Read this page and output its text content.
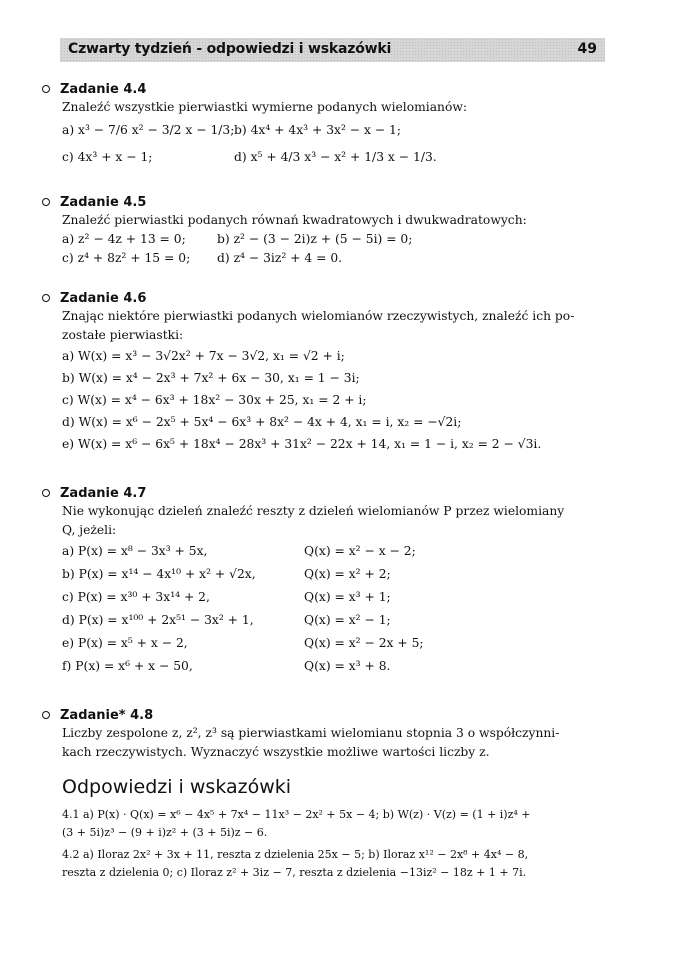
Czwarty tydzień - odpowiedzi i wskazówki	49
Zadanie 4.4
Znaleźć wszystkie pierwiastki wymierne podanych wielomianów:
a) x³ − 7/6 x² − 3/2 x − 1/3; b) 4x⁴ + 4x³ + 3x² − x − 1;
c) 4x³ + x − 1;	d) x⁵ + 4/3 x³ − x² + 1/3 x − 1/3.
Zadanie 4.5
Znaleźć pierwiastki podanych równań kwadratowych i dwukwadratowych:
a) z² − 4z + 13 = 0;	b) z² − (3 − 2i)z + (5 − 5i) = 0;
c) z⁴ + 8z² + 15 = 0; d) z⁴ − 3iz² + 4 = 0.
Zadanie 4.6
Znając niektóre pierwiastki podanych wielomianów rzeczywistych, znaleźć ich po-
zostałe pierwiastki:
a) W(x) = x³ − 3√2x² + 7x − 3√2, x₁ = √2 + i;
b) W(x) = x⁴ − 2x³ + 7x² + 6x − 30, x₁ = 1 − 3i;
c) W(x) = x⁴ − 6x³ + 18x² − 30x + 25, x₁ = 2 + i;
d) W(x) = x⁶ − 2x⁵ + 5x⁴ − 6x³ + 8x² − 4x + 4, x₁ = i, x₂ = −√2i;
e) W(x) = x⁶ − 6x⁵ + 18x⁴ − 28x³ + 31x² − 22x + 14, x₁ = 1 − i, x₂ = 2 − √3i.
Zadanie 4.7
Nie wykonując dzieleń znaleźć reszty z dzieleń wielomianów P przez wielomiany
Q, jeżeli:
a) P(x) = x⁸ − 3x³ + 5x,	Q(x) = x² − x − 2;
b) P(x) = x¹⁴ − 4x¹⁰ + x² + √2x,	Q(x) = x² + 2;
c) P(x) = x³⁰ + 3x¹⁴ + 2,	Q(x) = x³ + 1;
d) P(x) = x¹⁰⁰ + 2x⁵¹ − 3x² + 1,	Q(x) = x² − 1;
e) P(x) = x⁵ + x − 2,	Q(x) = x² − 2x + 5;
f) P(x) = x⁶ + x − 50,	Q(x) = x³ + 8.
Zadanie* 4.8
Liczby zespolone z, z², z³ są pierwiastkami wielomianu stopnia 3 o współczynni-
kach rzeczywistych. Wyznaczyć wszystkie możliwe wartości liczby z.
Odpowiedzi i wskazówki
4.1 a) P(x) · Q(x) = x⁶ − 4x⁵ + 7x⁴ − 11x³ − 2x² + 5x − 4; b) W(z) · V(z) = (1 + i)z⁴ +
(3 + 5i)z³ − (9 + i)z² + (3 + 5i)z − 6.
4.2 a) Iloraz 2x² + 3x + 11, reszta z dzielenia 25x − 5; b) Iloraz x¹² − 2x⁸ + 4x⁴ − 8,
reszta z dzielenia 0; c) Iloraz z² + 3iz − 7, reszta z dzielenia −13iz² − 18z + 1 + 7i.
